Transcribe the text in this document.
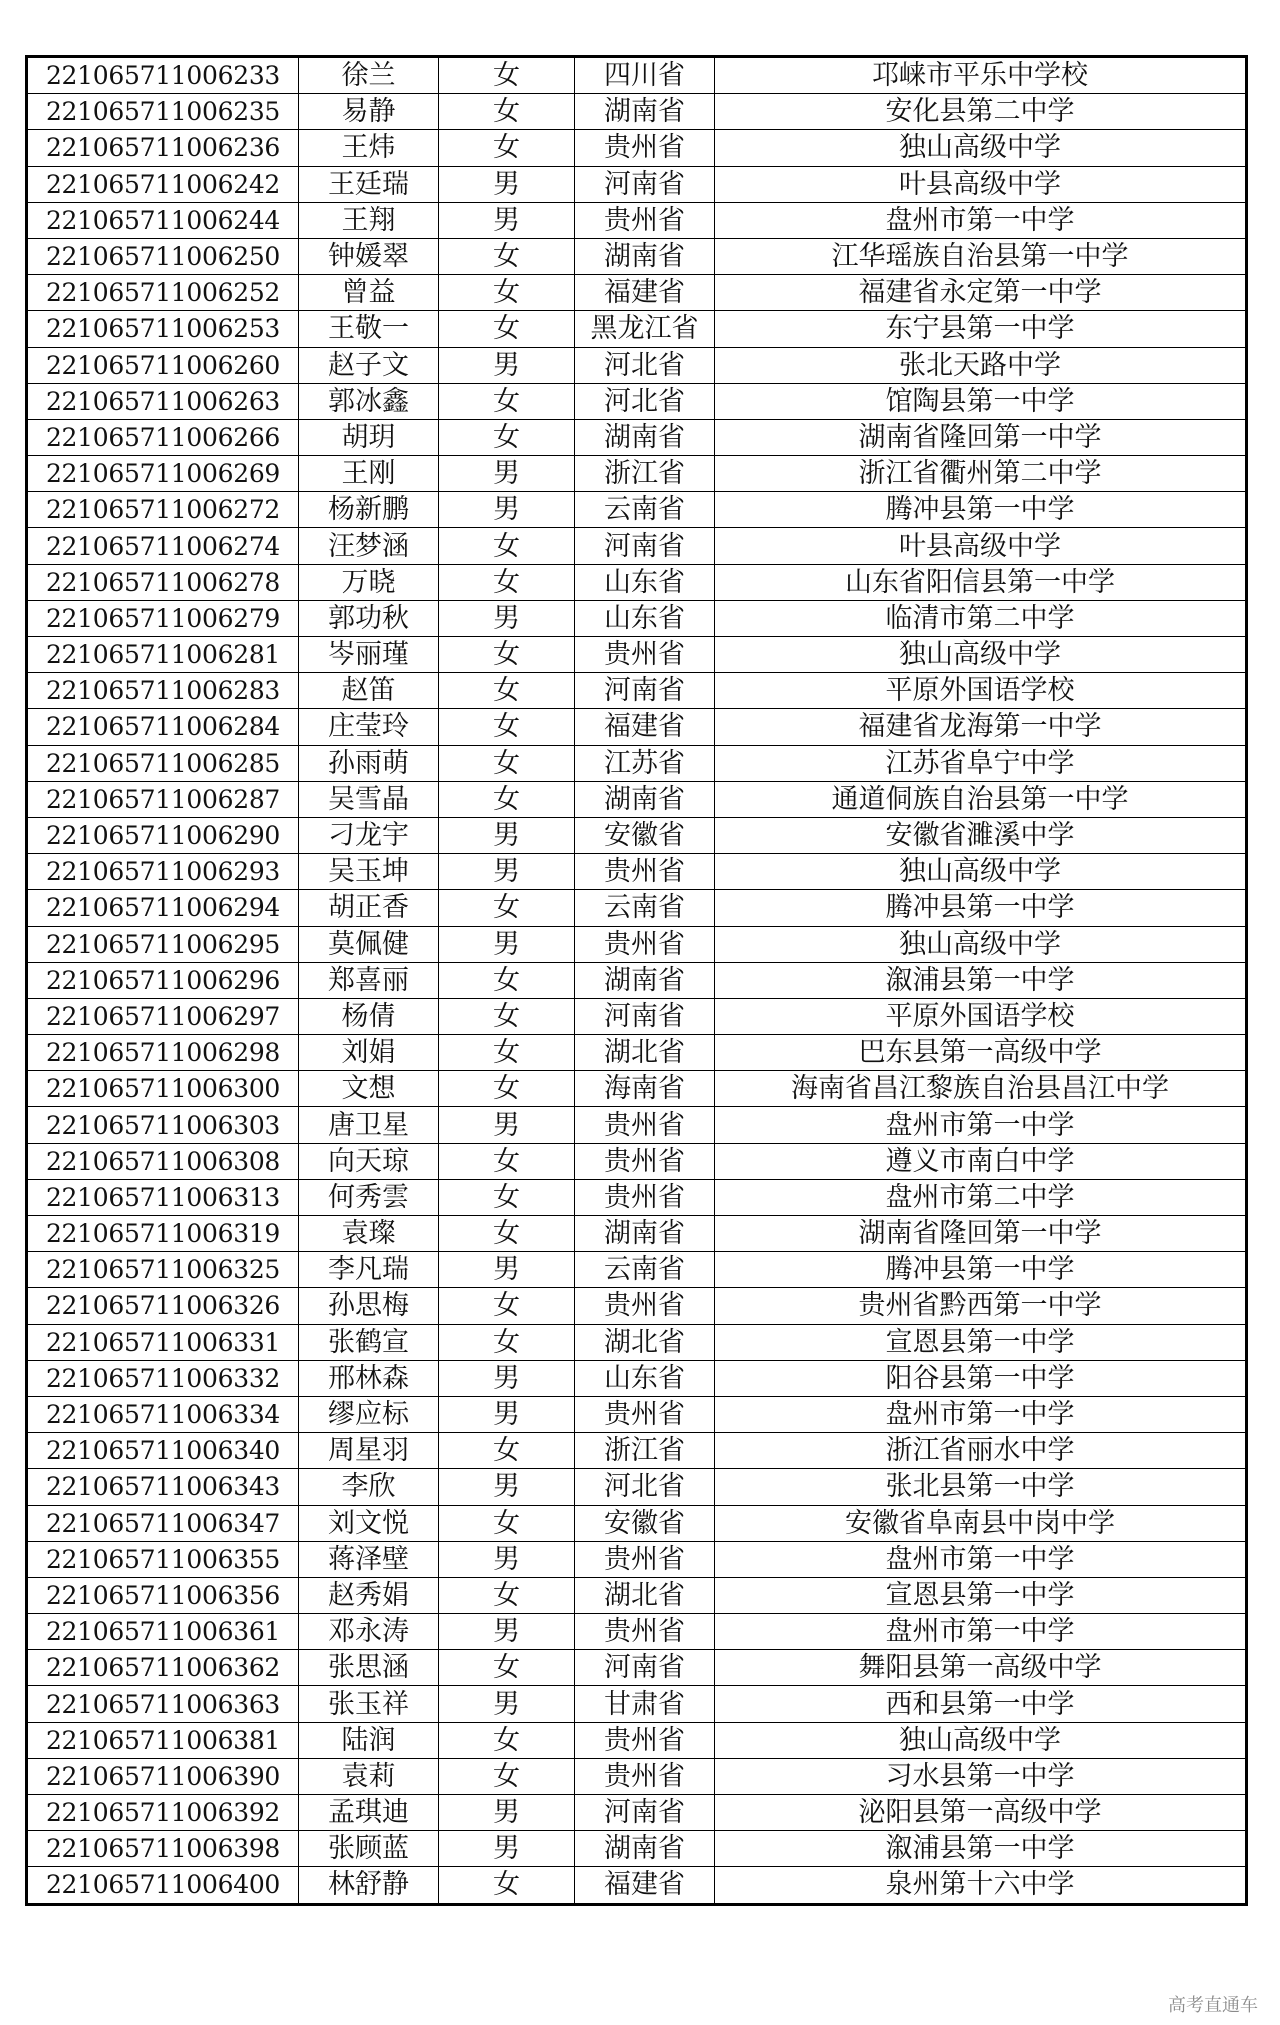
221065711006233	徐兰	女	四川省	邛崃市平乐中学校
221065711006235	易静	女	湖南省	安化县第二中学
221065711006236	王炜	女	贵州省	独山高级中学
221065711006242	王廷瑞	男	河南省	叶县高级中学
221065711006244	王翔	男	贵州省	盘州市第一中学
221065711006250	钟媛翠	女	湖南省	江华瑶族自治县第一中学
221065711006252	曾益	女	福建省	福建省永定第一中学
221065711006253	王敬一	女	黑龙江省	东宁县第一中学
221065711006260	赵子文	男	河北省	张北天路中学
221065711006263	郭冰鑫	女	河北省	馆陶县第一中学
221065711006266	胡玥	女	湖南省	湖南省隆回第一中学
221065711006269	王刚	男	浙江省	浙江省衢州第二中学
221065711006272	杨新鹏	男	云南省	腾冲县第一中学
221065711006274	汪梦涵	女	河南省	叶县高级中学
221065711006278	万晓	女	山东省	山东省阳信县第一中学
221065711006279	郭功秋	男	山东省	临清市第二中学
221065711006281	岑丽瑾	女	贵州省	独山高级中学
221065711006283	赵笛	女	河南省	平原外国语学校
221065711006284	庄莹玲	女	福建省	福建省龙海第一中学
221065711006285	孙雨萌	女	江苏省	江苏省阜宁中学
221065711006287	吴雪晶	女	湖南省	通道侗族自治县第一中学
221065711006290	刁龙宇	男	安徽省	安徽省濉溪中学
221065711006293	吴玉坤	男	贵州省	独山高级中学
221065711006294	胡正香	女	云南省	腾冲县第一中学
221065711006295	莫佩健	男	贵州省	独山高级中学
221065711006296	郑喜丽	女	湖南省	溆浦县第一中学
221065711006297	杨倩	女	河南省	平原外国语学校
221065711006298	刘娟	女	湖北省	巴东县第一高级中学
221065711006300	文想	女	海南省	海南省昌江黎族自治县昌江中学
221065711006303	唐卫星	男	贵州省	盘州市第一中学
221065711006308	向天琼	女	贵州省	遵义市南白中学
221065711006313	何秀雲	女	贵州省	盘州市第二中学
221065711006319	袁璨	女	湖南省	湖南省隆回第一中学
221065711006325	李凡瑞	男	云南省	腾冲县第一中学
221065711006326	孙思梅	女	贵州省	贵州省黔西第一中学
221065711006331	张鹤宣	女	湖北省	宣恩县第一中学
221065711006332	邢林森	男	山东省	阳谷县第一中学
221065711006334	缪应标	男	贵州省	盘州市第一中学
221065711006340	周星羽	女	浙江省	浙江省丽水中学
221065711006343	李欣	男	河北省	张北县第一中学
221065711006347	刘文悦	女	安徽省	安徽省阜南县中岗中学
221065711006355	蒋泽壁	男	贵州省	盘州市第一中学
221065711006356	赵秀娟	女	湖北省	宣恩县第一中学
221065711006361	邓永涛	男	贵州省	盘州市第一中学
221065711006362	张思涵	女	河南省	舞阳县第一高级中学
221065711006363	张玉祥	男	甘肃省	西和县第一中学
221065711006381	陆润	女	贵州省	独山高级中学
221065711006390	袁莉	女	贵州省	习水县第一中学
221065711006392	孟琪迪	男	河南省	泌阳县第一高级中学
221065711006398	张顾蓝	男	湖南省	溆浦县第一中学
221065711006400	林舒静	女	福建省	泉州第十六中学
高考直通车
